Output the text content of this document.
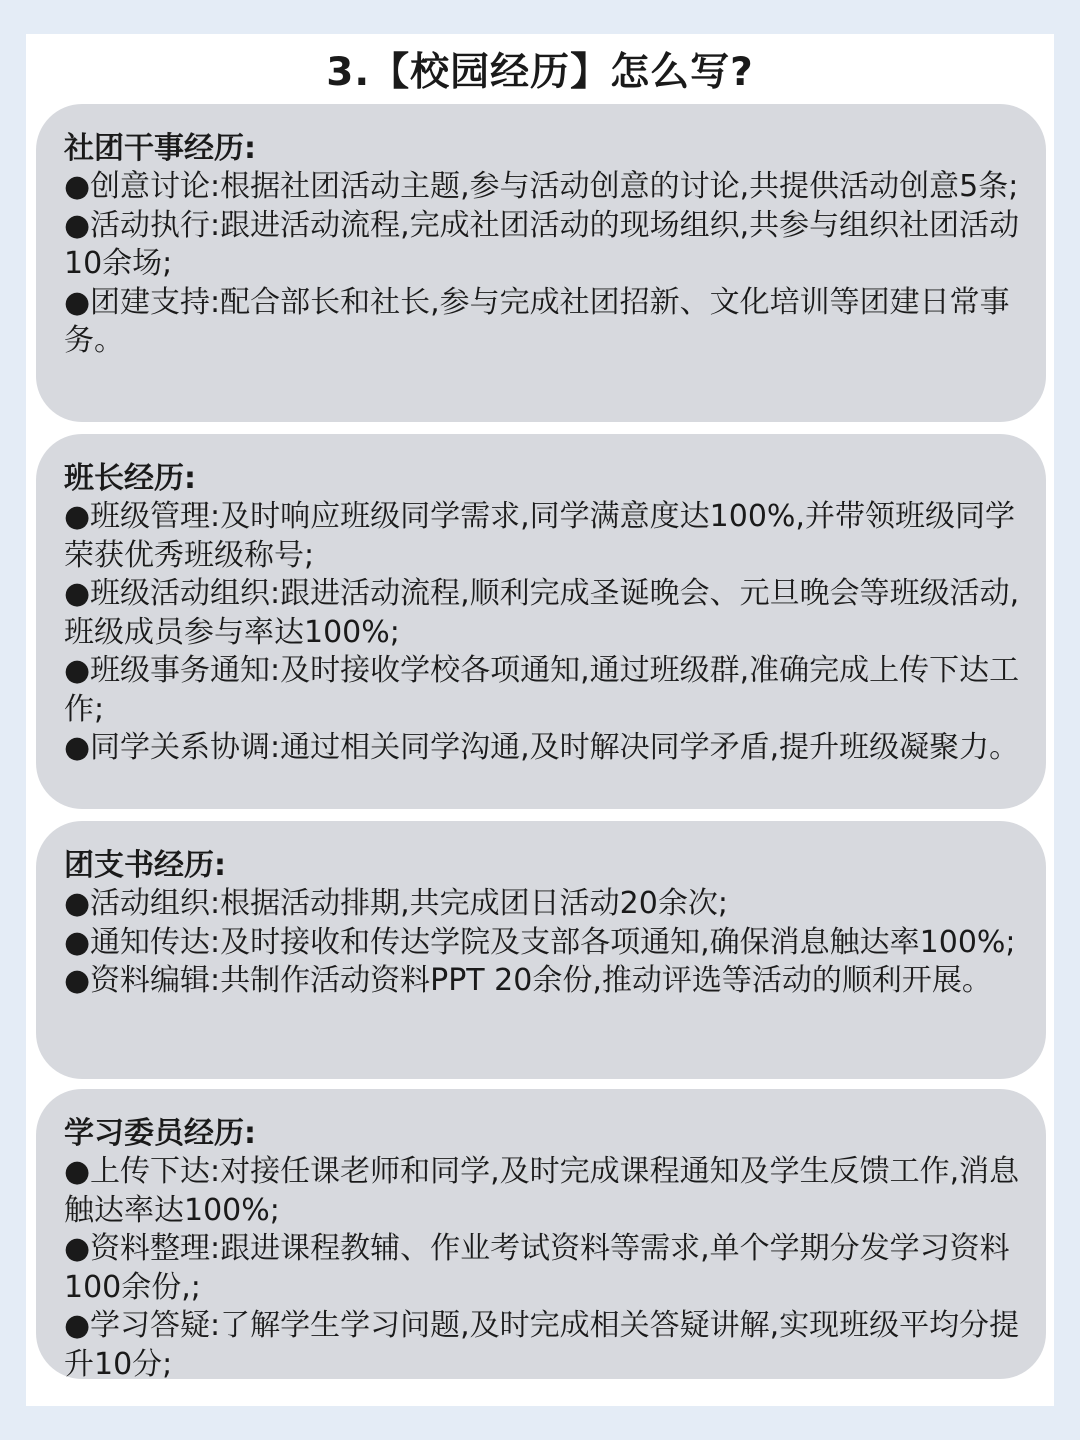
3.【校园经历】怎么写?

社团干事经历:

●创意讨论:根据社团活动主题,参与活动创意的讨论,共提供活动创意5条;

●活动执行:跟进活动流程,完成社团活动的现场组织,共参与组织社团活动10余场;

●团建支持:配合部长和社长,参与完成社团招新、文化培训等团建日常事务。

班长经历:

●班级管理:及时响应班级同学需求,同学满意度达100%,并带领班级同学荣获优秀班级称号;

●班级活动组织:跟进活动流程,顺利完成圣诞晚会、元旦晚会等班级活动,班级成员参与率达100%;

●班级事务通知:及时接收学校各项通知,通过班级群,准确完成上传下达工作;

●同学关系协调:通过相关同学沟通,及时解决同学矛盾,提升班级凝聚力。

团支书经历:

●活动组织:根据活动排期,共完成团日活动20余次;

●通知传达:及时接收和传达学院及支部各项通知,确保消息触达率100%;

●资料编辑:共制作活动资料PPT 20余份,推动评选等活动的顺利开展。

学习委员经历:

●上传下达:对接任课老师和同学,及时完成课程通知及学生反馈工作,消息触达率达100%;

●资料整理:跟进课程教辅、作业考试资料等需求,单个学期分发学习资料100余份,;

●学习答疑:了解学生学习问题,及时完成相关答疑讲解,实现班级平均分提升10分;
